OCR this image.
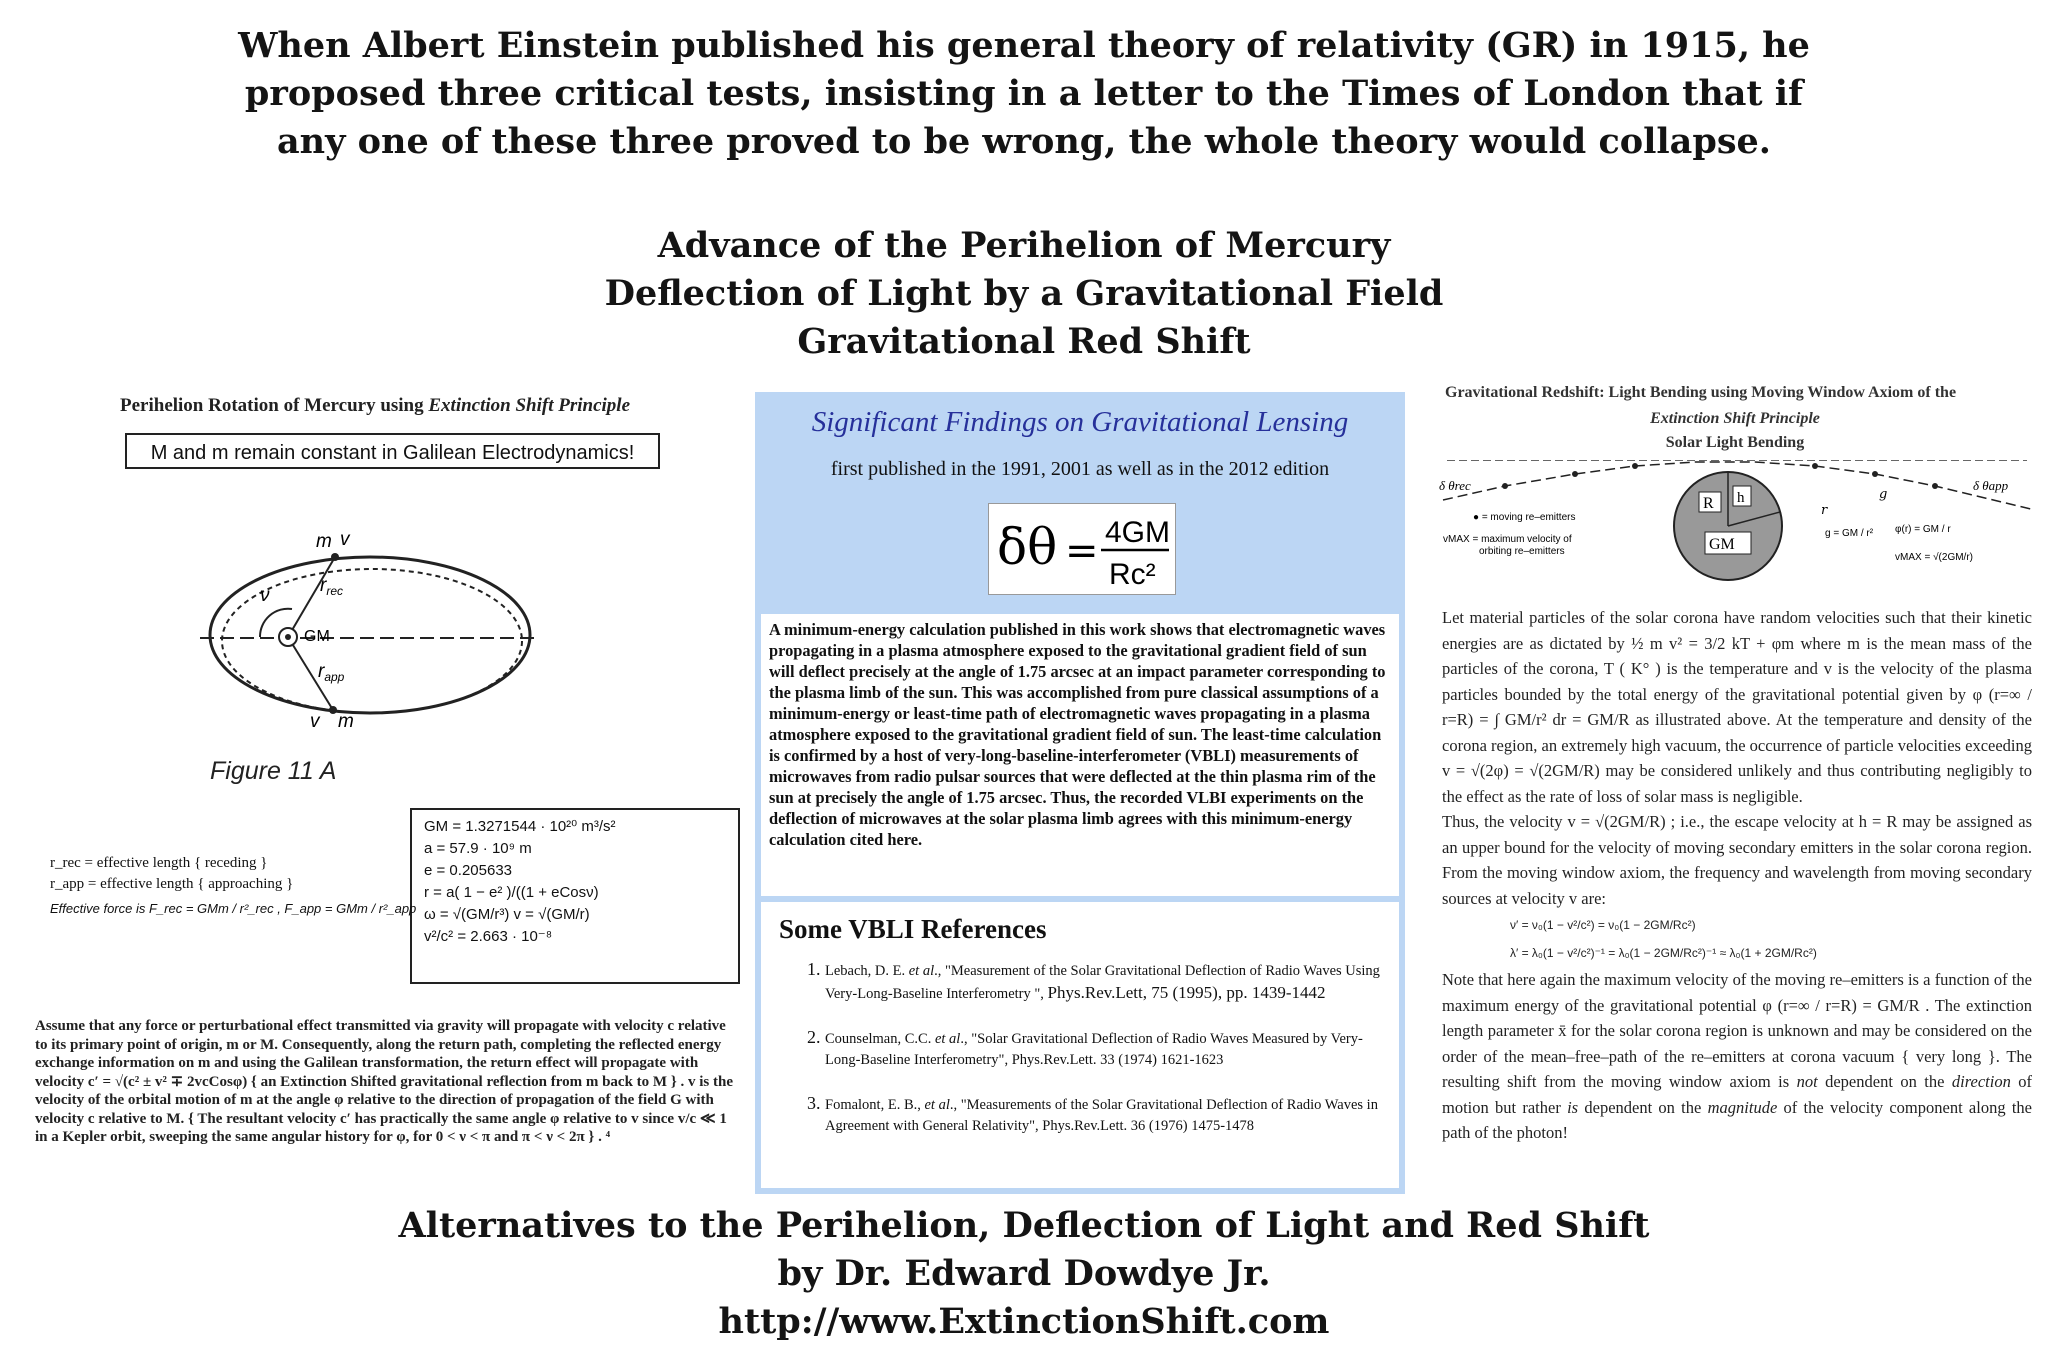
When Albert Einstein published his general theory of relativity (GR) in 1915, he
proposed three critical tests, insisting in a letter to the Times of London that if
any one of these three proved to be wrong, the whole theory would collapse.
Advance of the Perihelion of Mercury
Deflection of Light by a Gravitational Field
Gravitational Red Shift
Perihelion Rotation of Mercury using Extinction Shift Principle
M and m remain constant in Galilean Electrodynamics!
m v
ν
GM
$r_{rec}$
$r_{app}$
v m
Figure 11 A
GM = 1.3271544 · 10²⁰ m³/s²
a = 57.9 · 10⁹ m
e = 0.205633
r = a( 1 − e² )/((1 + eCosν)
ω = √(GM/r³) v = √(GM/r)
v²/c² = 2.663 · 10⁻⁸
r_rec = effective length { receding }
r_app = effective length { approaching }
Effective force is F_rec = GMm / r²_rec , F_app = GMm / r²_app
Assume that any force or perturbational effect transmitted via gravity will propagate with velocity c relative to its primary point of origin, m or M. Consequently, along the return path, completing the reflected energy exchange information on m and using the Galilean transformation, the return effect will propagate with velocity c′ = √(c² ± v² ∓ 2vcCosφ) { an Extinction Shifted gravitational reflection from m back to M } . v is the velocity of the orbital motion of m at the angle φ relative to the direction of propagation of the field G with velocity c relative to M. { The resultant velocity c′ has practically the same angle φ relative to v since v/c ≪ 1 in a Kepler orbit, sweeping the same angular history for φ, for 0 < ν < π and π < ν < 2π } . ⁴
Significant Findings on Gravitational Lensing
first published in the 1991, 2001 as well as in the 2012 edition
δθ = 4GM
Rc²
A minimum-energy calculation published in this work shows that electromagnetic waves propagating in a plasma atmosphere exposed to the gravitational gradient field of sun will deflect precisely at the angle of 1.75 arcsec at an impact parameter corresponding to the plasma limb of the sun. This was accomplished from pure classical assumptions of a minimum-energy or least-time path of electromagnetic waves propagating in a plasma atmosphere exposed to the gravitational gradient field of sun. The least-time calculation is confirmed by a host of very-long-baseline-interferometer (VBLI) measurements of microwaves from radio pulsar sources that were deflected at the thin plasma rim of the sun at precisely the angle of 1.75 arcsec. Thus, the recorded VLBI experiments on the deflection of microwaves at the solar plasma limb agrees with this minimum-energy calculation cited here.
Some VBLI References
1. Lebach, D. E. et al., "Measurement of the Solar Gravitational Deflection of Radio Waves Using Very-Long-Baseline Interferometry ", Phys.Rev.Lett, 75 (1995), pp. 1439-1442
2. Counselman, C.C. et al., "Solar Gravitational Deflection of Radio Waves Measured by Very-Long-Baseline Interferometry", Phys.Rev.Lett. 33 (1974) 1621-1623
3. Fomalont, E. B., et al., "Measurements of the Solar Gravitational Deflection of Radio Waves in Agreement with General Relativity", Phys.Rev.Lett. 36 (1976) 1475-1478
Gravitational Redshift: Light Bending using Moving Window Axiom of the
Extinction Shift Principle
Solar Light Bending
R h
GM
δ θrec	δ θapp
g
r
● = moving re–emitters
vMAX = maximum velocity of
orbiting re–emitters
g = GM / r² φ(r) = GM / r
vMAX = √(2GM/r)
Let material particles of the solar corona have random velocities such that their kinetic energies are as dictated by ½ m v² = 3/2 kT + φm where m is the mean mass of the particles of the corona, T ( K° ) is the temperature and v is the velocity of the plasma particles bounded by the total energy of the gravitational potential given by φ (r=∞ / r=R) = ∫ GM/r² dr = GM/R as illustrated above. At the temperature and density of the corona region, an extremely high vacuum, the occurrence of particle velocities exceeding v = √(2φ) = √(2GM/R) may be considered unlikely and thus contributing negligibly to the effect as the rate of loss of solar mass is negligible.
Thus, the velocity v = √(2GM/R) ; i.e., the escape velocity at h = R may be assigned as an upper bound for the velocity of moving secondary emitters in the solar corona region. From the moving window axiom, the frequency and wavelength from moving secondary sources at velocity v are:
ν′ = ν₀(1 − v²/c²) = ν₀(1 − 2GM/Rc²)
λ′ = λ₀(1 − v²/c²)⁻¹ = λ₀(1 − 2GM/Rc²)⁻¹ ≈ λ₀(1 + 2GM/Rc²)
Note that here again the maximum velocity of the moving re–emitters is a function of the maximum energy of the gravitational potential φ (r=∞ / r=R) = GM/R . The extinction length parameter x̄ for the solar corona region is unknown and may be considered on the order of the mean–free–path of the re–emitters at corona vacuum { very long }. The resulting shift from the moving window axiom is not dependent on the direction of motion but rather is dependent on the magnitude of the velocity component along the path of the photon!
Alternatives to the Perihelion, Deflection of Light and Red Shift
by Dr. Edward Dowdye Jr.
http://www.ExtinctionShift.com
